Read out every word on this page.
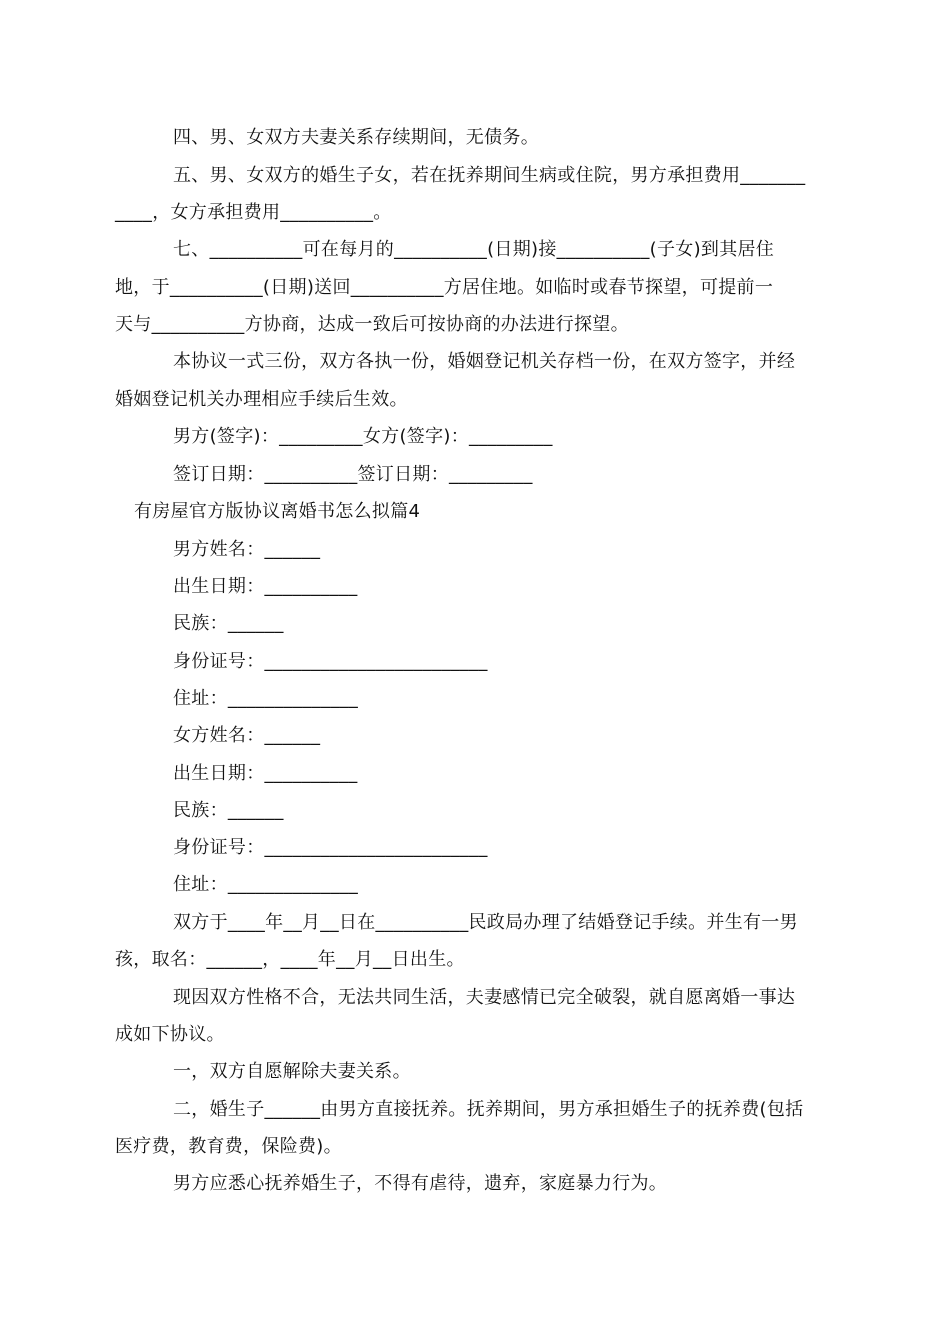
四、男、女双方夫妻关系存续期间，无债务。
五、男、女双方的婚生子女，若在抚养期间生病或住院，男方承担费用_______
____，女方承担费用__________。
七、__________可在每月的__________(日期)接__________(子女)到其居住
地，于__________(日期)送回__________方居住地。如临时或春节探望，可提前一
天与__________方协商，达成一致后可按协商的办法进行探望。
本协议一式三份，双方各执一份，婚姻登记机关存档一份，在双方签字，并经
婚姻登记机关办理相应手续后生效。
男方(签字)：_________女方(签字)：_________
签订日期：__________签订日期：_________
有房屋官方版协议离婚书怎么拟篇4
男方姓名：______
出生日期：__________
民族：______
身份证号：________________________
住址：______________
女方姓名：______
出生日期：__________
民族：______
身份证号：________________________
住址：______________
双方于____年__月__日在__________民政局办理了结婚登记手续。并生有一男
孩，取名：______，____年__月__日出生。
现因双方性格不合，无法共同生活，夫妻感情已完全破裂，就自愿离婚一事达
成如下协议。
一，双方自愿解除夫妻关系。
二，婚生子______由男方直接抚养。抚养期间，男方承担婚生子的抚养费(包括
医疗费，教育费，保险费)。
男方应悉心抚养婚生子，不得有虐待，遗弃，家庭暴力行为。
